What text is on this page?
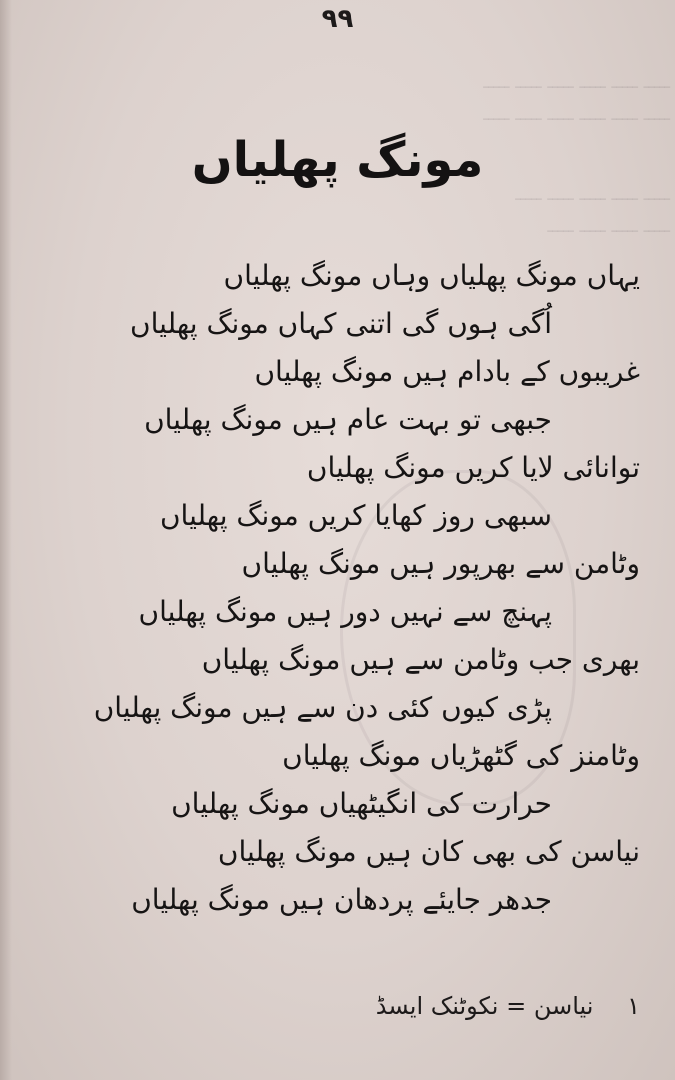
۹۹
ـــــ ـــــ ـــــ ـــــ ـــــ ـــــ
ـــــ ـــــ ـــــ ـــــ ـــــ ـــــ
ـــــ ـــــ ـــــ ـــــ ـــــ
ـــــ ـــــ ـــــ ـــــ
مونگ پھلیاں
یہاں مونگ پھلیاں وہاں مونگ پھلیاں
اُگی ہوں گی اتنی کہاں مونگ پھلیاں
غریبوں کے بادام ہیں مونگ پھلیاں
جبھی تو بہت عام ہیں مونگ پھلیاں
توانائی لایا کریں مونگ پھلیاں
سبھی روز کھایا کریں مونگ پھلیاں
وٹامن سے بھرپور ہیں مونگ پھلیاں
پہنچ سے نہیں دور ہیں مونگ پھلیاں
بھری جب وٹامن سے ہیں مونگ پھلیاں
پڑی کیوں کئی دن سے ہیں مونگ پھلیاں
وٹامنز کی گٹھڑیاں مونگ پھلیاں
حرارت کی انگیٹھیاں مونگ پھلیاں
نیاسن کی بھی کان ہیں مونگ پھلیاں
جدھر جایئے پردھان ہیں مونگ پھلیاں
۱ نیاسن = نکوٹنک ایسڈ
